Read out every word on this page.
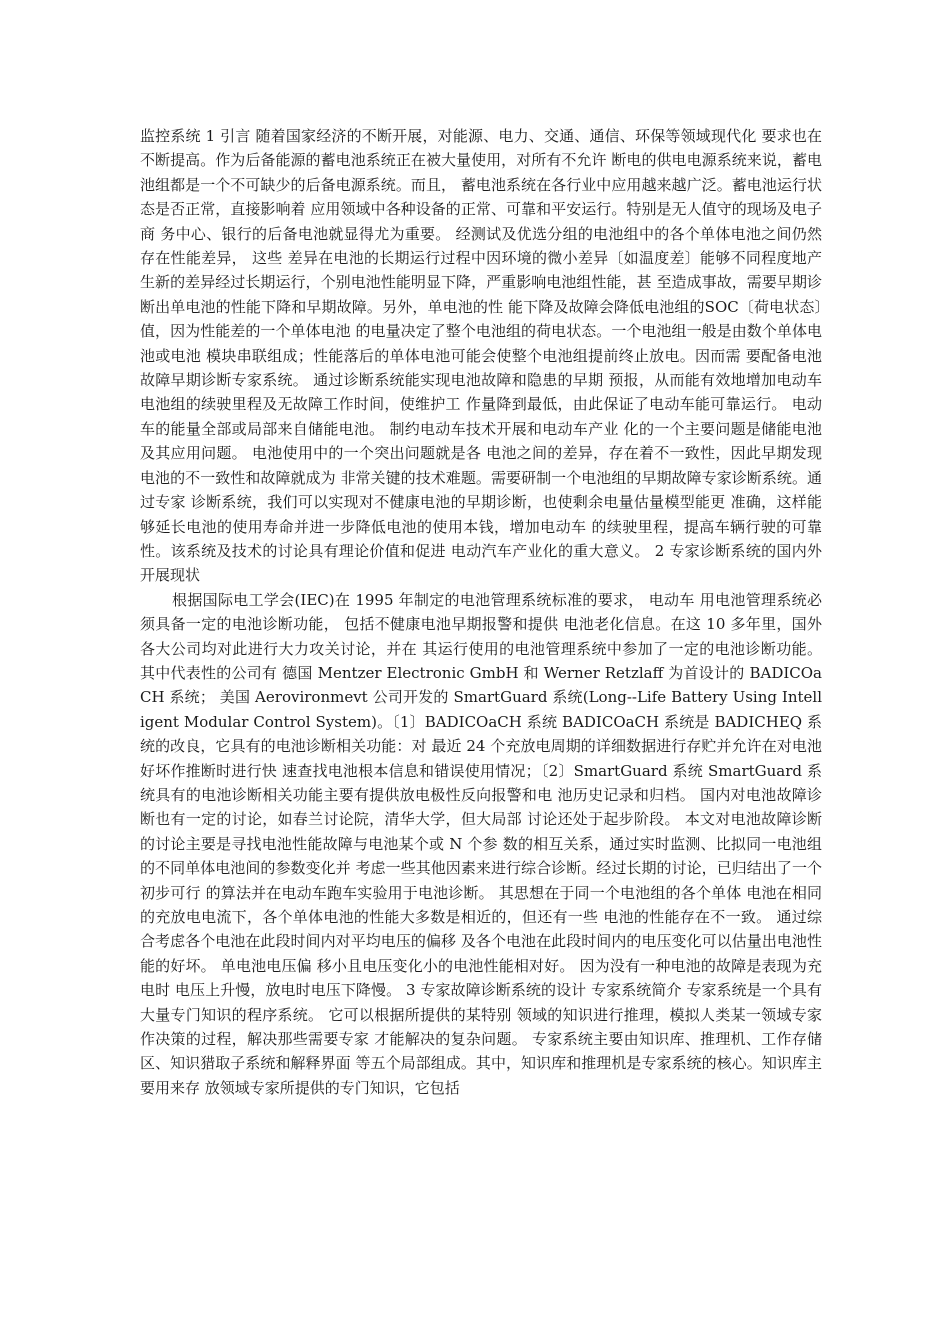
监控系统 1 引言 随着国家经济的不断开展，对能源、电力、交通、通信、环保等领域现代化 要求也在不断提高。作为后备能源的蓄电池系统正在被大量使用，对所有不允许 断电的供电电源系统来说，蓄电池组都是一个不可缺少的后备电源系统。而且， 蓄电池系统在各行业中应用越来越广泛。蓄电池运行状态是否正常，直接影响着 应用领域中各种设备的正常、可靠和平安运行。特别是无人值守的现场及电子商 务中心、银行的后备电池就显得尤为重要。 经测试及优选分组的电池组中的各个单体电池之间仍然存在性能差异， 这些 差异在电池的长期运行过程中因环境的微小差异〔如温度差〕能够不同程度地产 生新的差异经过长期运行，个别电池性能明显下降，严重影响电池组性能，甚 至造成事故，需要早期诊断出单电池的性能下降和早期故障。另外，单电池的性 能下降及故障会降低电池组的SOC〔荷电状态〕值，因为性能差的一个单体电池 的电量决定了整个电池组的荷电状态。一个电池组一般是由数个单体电池或电池 模块串联组成；性能落后的单体电池可能会使整个电池组提前终止放电。因而需 要配备电池故障早期诊断专家系统。 通过诊断系统能实现电池故障和隐患的早期 预报，从而能有效地增加电动车电池组的续驶里程及无故障工作时间，使维护工 作量降到最低，由此保证了电动车能可靠运行。 电动车的能量全部或局部来自储能电池。 制约电动车技术开展和电动车产业 化的一个主要问题是储能电池及其应用问题。 电池使用中的一个突出问题就是各 电池之间的差异，存在着不一致性，因此早期发现电池的不一致性和故障就成为 非常关键的技术难题。需要研制一个电池组的早期故障专家诊断系统。通过专家 诊断系统，我们可以实现对不健康电池的早期诊断，也使剩余电量估量模型能更 准确，这样能够延长电池的使用寿命并进一步降低电池的使用本钱，增加电动车 的续驶里程，提高车辆行驶的可靠性。该系统及技术的讨论具有理论价值和促进 电动汽车产业化的重大意义。 2 专家诊断系统的国内外开展现状

根据国际电工学会(IEC)在 1995 年制定的电池管理系统标准的要求， 电动车 用电池管理系统必须具备一定的电池诊断功能， 包括不健康电池早期报警和提供 电池老化信息。在这 10 多年里，国外各大公司均对此进行大力攻关讨论，并在 其运行使用的电池管理系统中参加了一定的电池诊断功能。 其中代表性的公司有 德国 Mentzer Electronic GmbH 和 Werner Retzlaff 为首设计的 BADICOaCH 系统； 美国 Aerovironmevt 公司开发的 SmartGuard 系统(Long--Life Battery Using Intelligent Modular Control System)。〔1〕BADICOaCH 系统 BADICOaCH 系统是 BADICHEQ 系统的改良，它具有的电池诊断相关功能：对 最近 24 个充放电周期的详细数据进行存贮并允许在对电池好坏作推断时进行快 速查找电池根本信息和错误使用情况；〔2〕SmartGuard 系统 SmartGuard 系统具有的电池诊断相关功能主要有提供放电极性反向报警和电 池历史记录和归档。 国内对电池故障诊断也有一定的讨论，如春兰讨论院，清华大学，但大局部 讨论还处于起步阶段。 本文对电池故障诊断的讨论主要是寻找电池性能故障与电池某个或 N 个参 数的相互关系，通过实时监测、比拟同一电池组的不同单体电池间的参数变化并 考虑一些其他因素来进行综合诊断。经过长期的讨论，已归结出了一个初步可行 的算法并在电动车跑车实验用于电池诊断。 其思想在于同一个电池组的各个单体 电池在相同的充放电电流下，各个单体电池的性能大多数是相近的，但还有一些 电池的性能存在不一致。 通过综合考虑各个电池在此段时间内对平均电压的偏移 及各个电池在此段时间内的电压变化可以估量出电池性能的好坏。 单电池电压偏 移小且电压变化小的电池性能相对好。 因为没有一种电池的故障是表现为充电时 电压上升慢，放电时电压下降慢。 3 专家故障诊断系统的设计 专家系统简介 专家系统是一个具有大量专门知识的程序系统。 它可以根据所提供的某特别 领域的知识进行推理，模拟人类某一领域专家作决策的过程，解决那些需要专家 才能解决的复杂问题。 专家系统主要由知识库、推理机、工作存储区、知识猎取子系统和解释界面 等五个局部组成。其中，知识库和推理机是专家系统的核心。知识库主要用来存 放领域专家所提供的专门知识，它包括
